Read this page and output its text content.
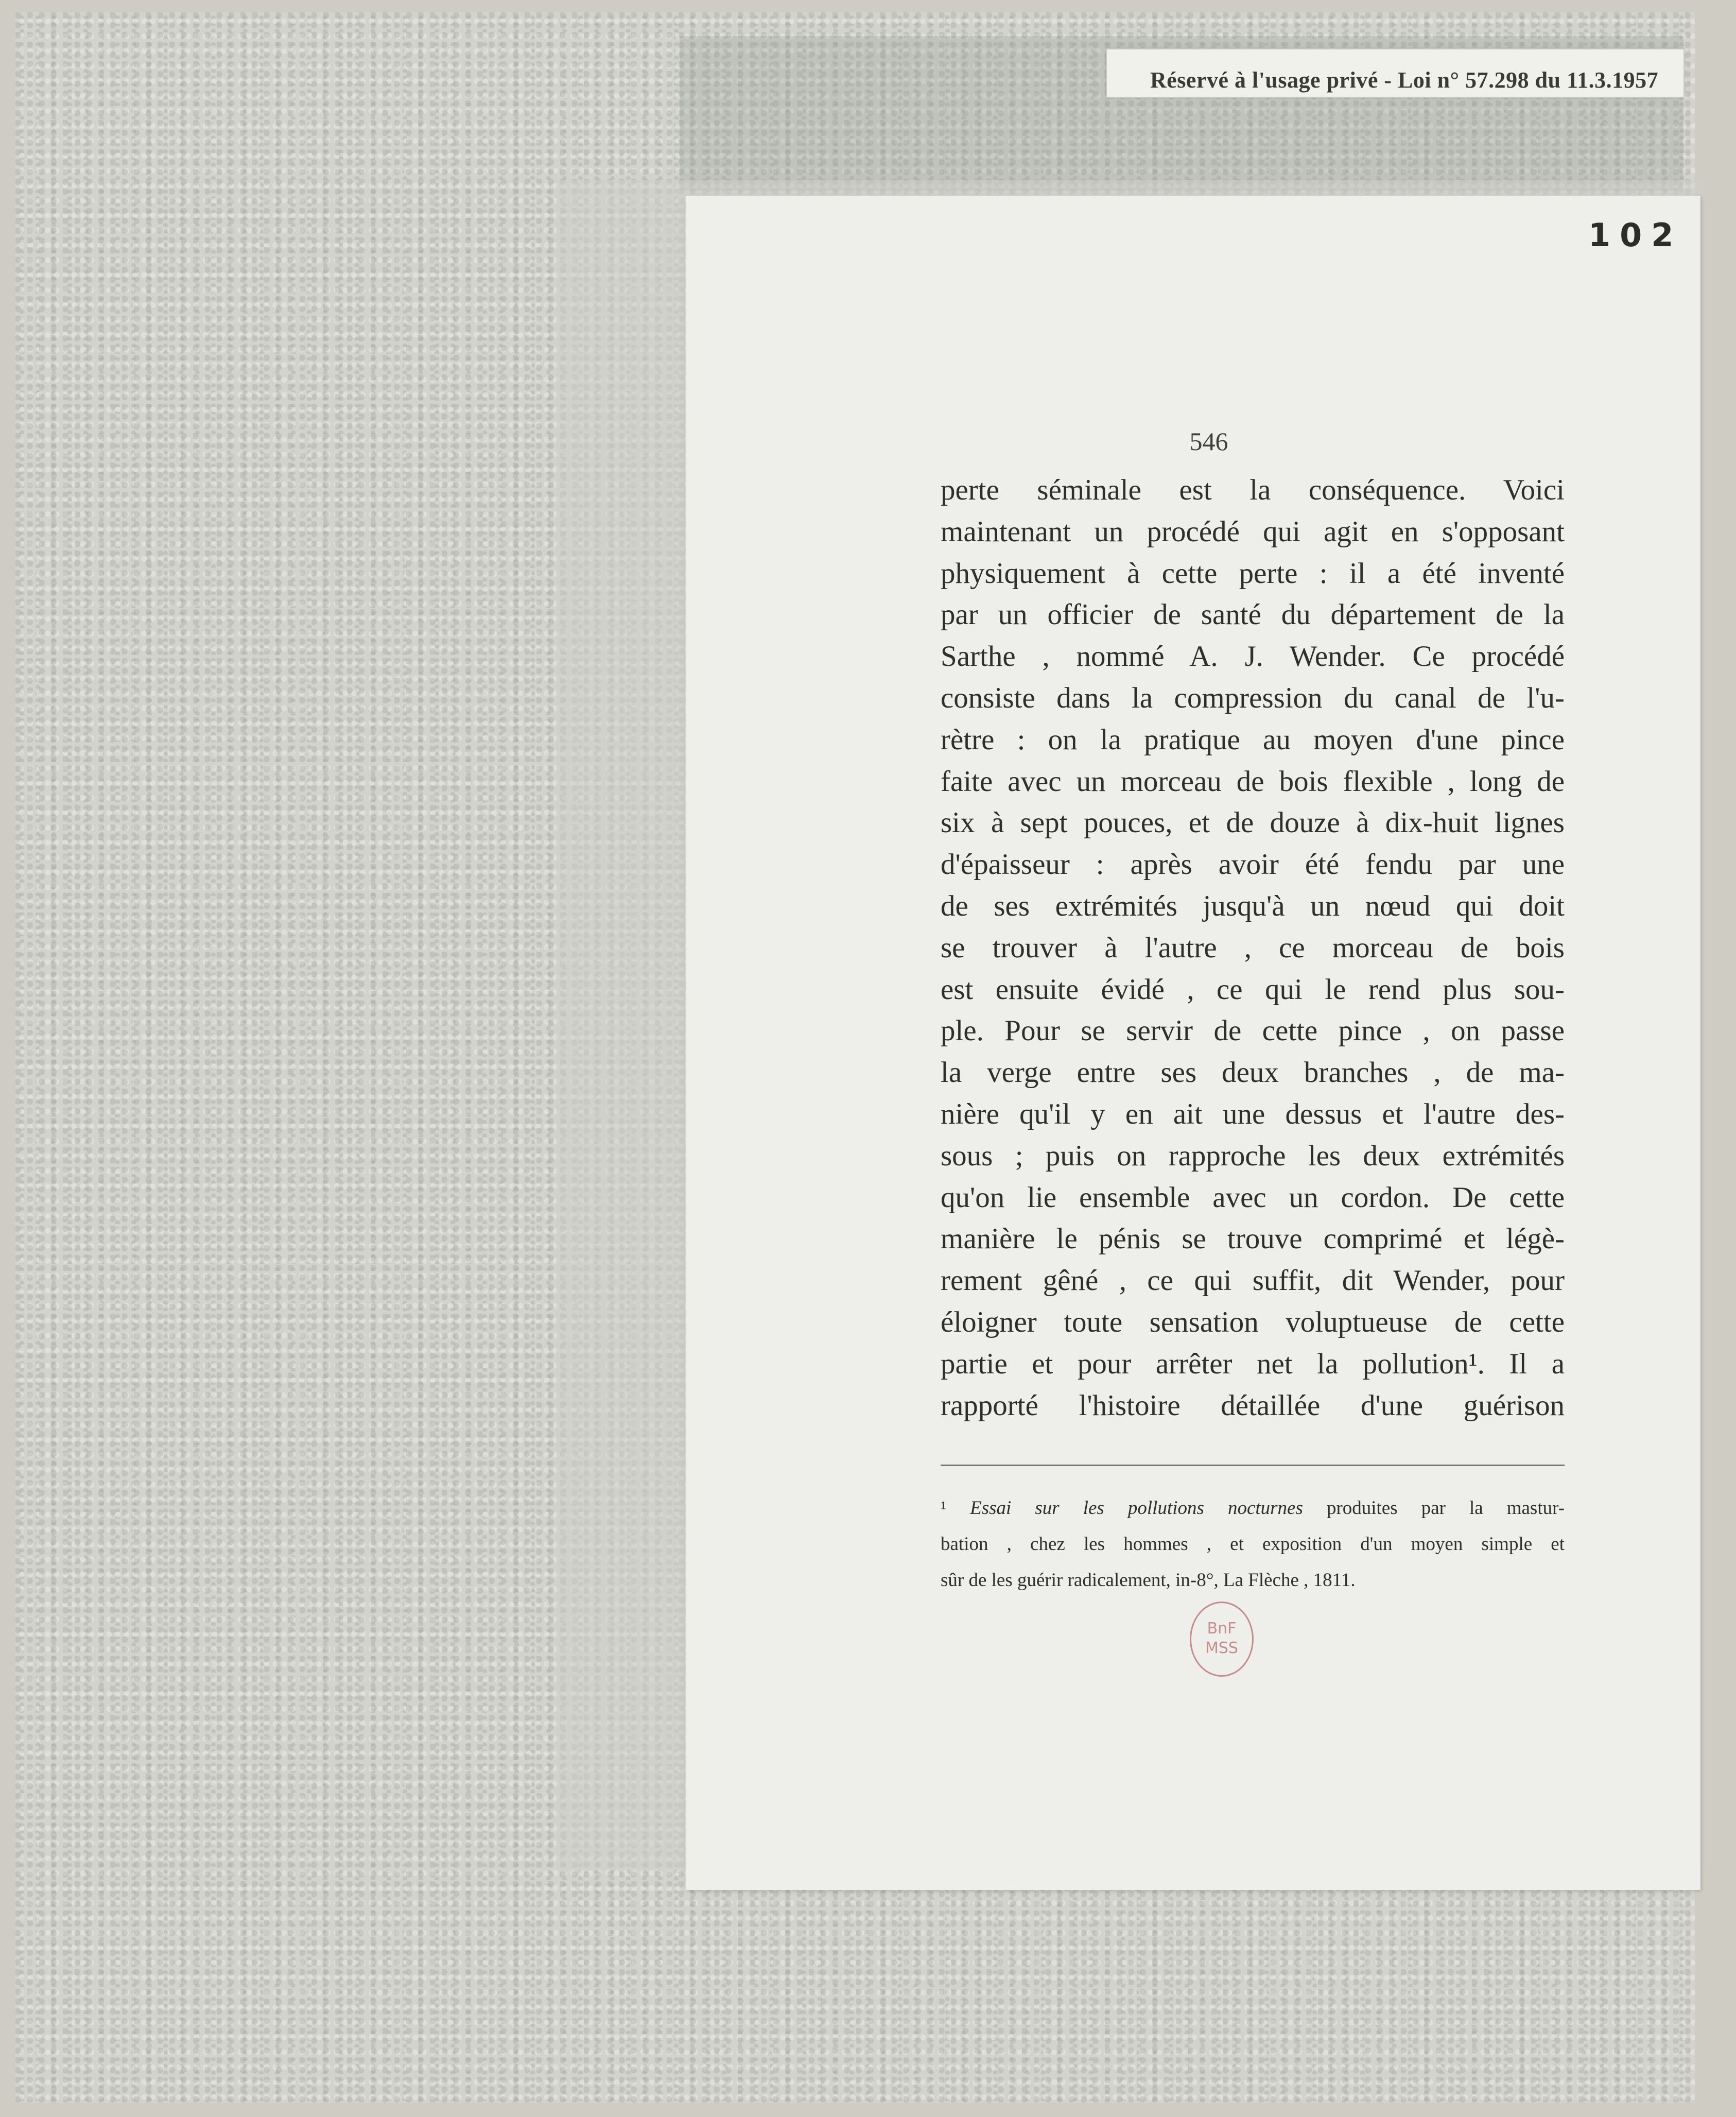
Réservé à l'usage privé - Loi n° 57.298 du 11.3.1957
102
546
perte séminale est la conséquence. Voici
maintenant un procédé qui agit en s'opposant
physiquement à cette perte : il a été inventé
par un officier de santé du département de la
Sarthe , nommé A. J. Wender. Ce procédé
consiste dans la compression du canal de l'u-
rètre : on la pratique au moyen d'une pince
faite avec un morceau de bois flexible , long de
six à sept pouces, et de douze à dix-huit lignes
d'épaisseur : après avoir été fendu par une
de ses extrémités jusqu'à un nœud qui doit
se trouver à l'autre , ce morceau de bois
est ensuite évidé , ce qui le rend plus sou-
ple. Pour se servir de cette pince , on passe
la verge entre ses deux branches , de ma-
nière qu'il y en ait une dessus et l'autre des-
sous ; puis on rapproche les deux extrémités
qu'on lie ensemble avec un cordon. De cette
manière le pénis se trouve comprimé et légè-
rement gêné , ce qui suffit, dit Wender, pour
éloigner toute sensation voluptueuse de cette
partie et pour arrêter net la pollution¹. Il a
rapporté l'histoire détaillée d'une guérison
¹ Essai sur les pollutions nocturnes produites par la mastur-
bation , chez les hommes , et exposition d'un moyen simple et
sûr de les guérir radicalement, in-8°, La Flèche , 1811.
BnF
MSS
